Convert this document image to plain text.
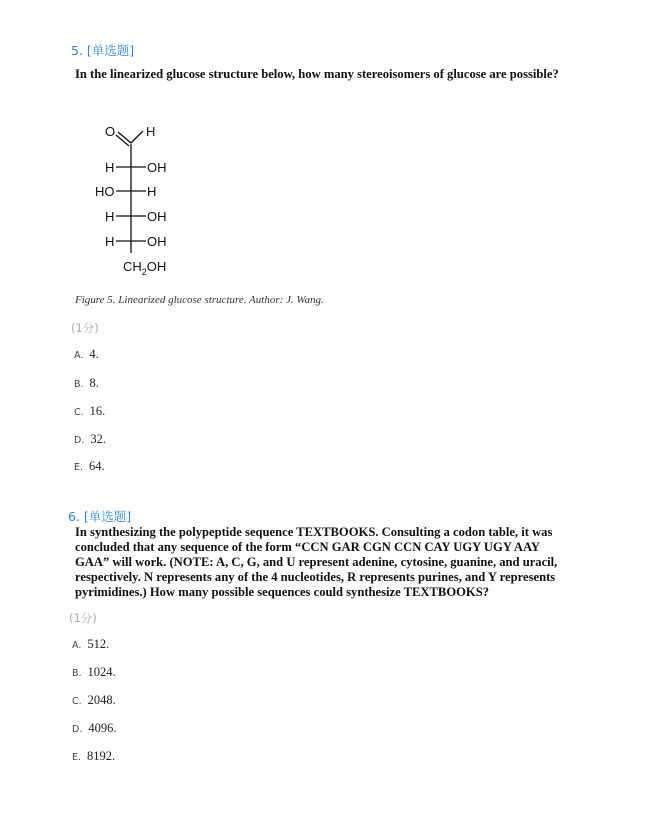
5. [单选题]
In the linearized glucose structure below, how many stereoisomers of glucose are possible?
O H
H	OH
HO	H
H	OH
H	OH
$CH_2OH$
Figure 5. Linearized glucose structure. Author: J. Wang.
(1分)
A. 4.
B. 8.
C. 16.
D. 32.
E. 64.
6. [单选题]
In synthesizing the polypeptide sequence TEXTBOOKS. Consulting a codon table, it was
concluded that any sequence of the form “CCN GAR CGN CCN CAY UGY UGY AAY
GAA” will work. (NOTE: A, C, G, and U represent adenine, cytosine, guanine, and uracil,
respectively. N represents any of the 4 nucleotides, R represents purines, and Y represents
pyrimidines.) How many possible sequences could synthesize TEXTBOOKS?
(1分)
A. 512.
B. 1024.
C. 2048.
D. 4096.
E. 8192.
